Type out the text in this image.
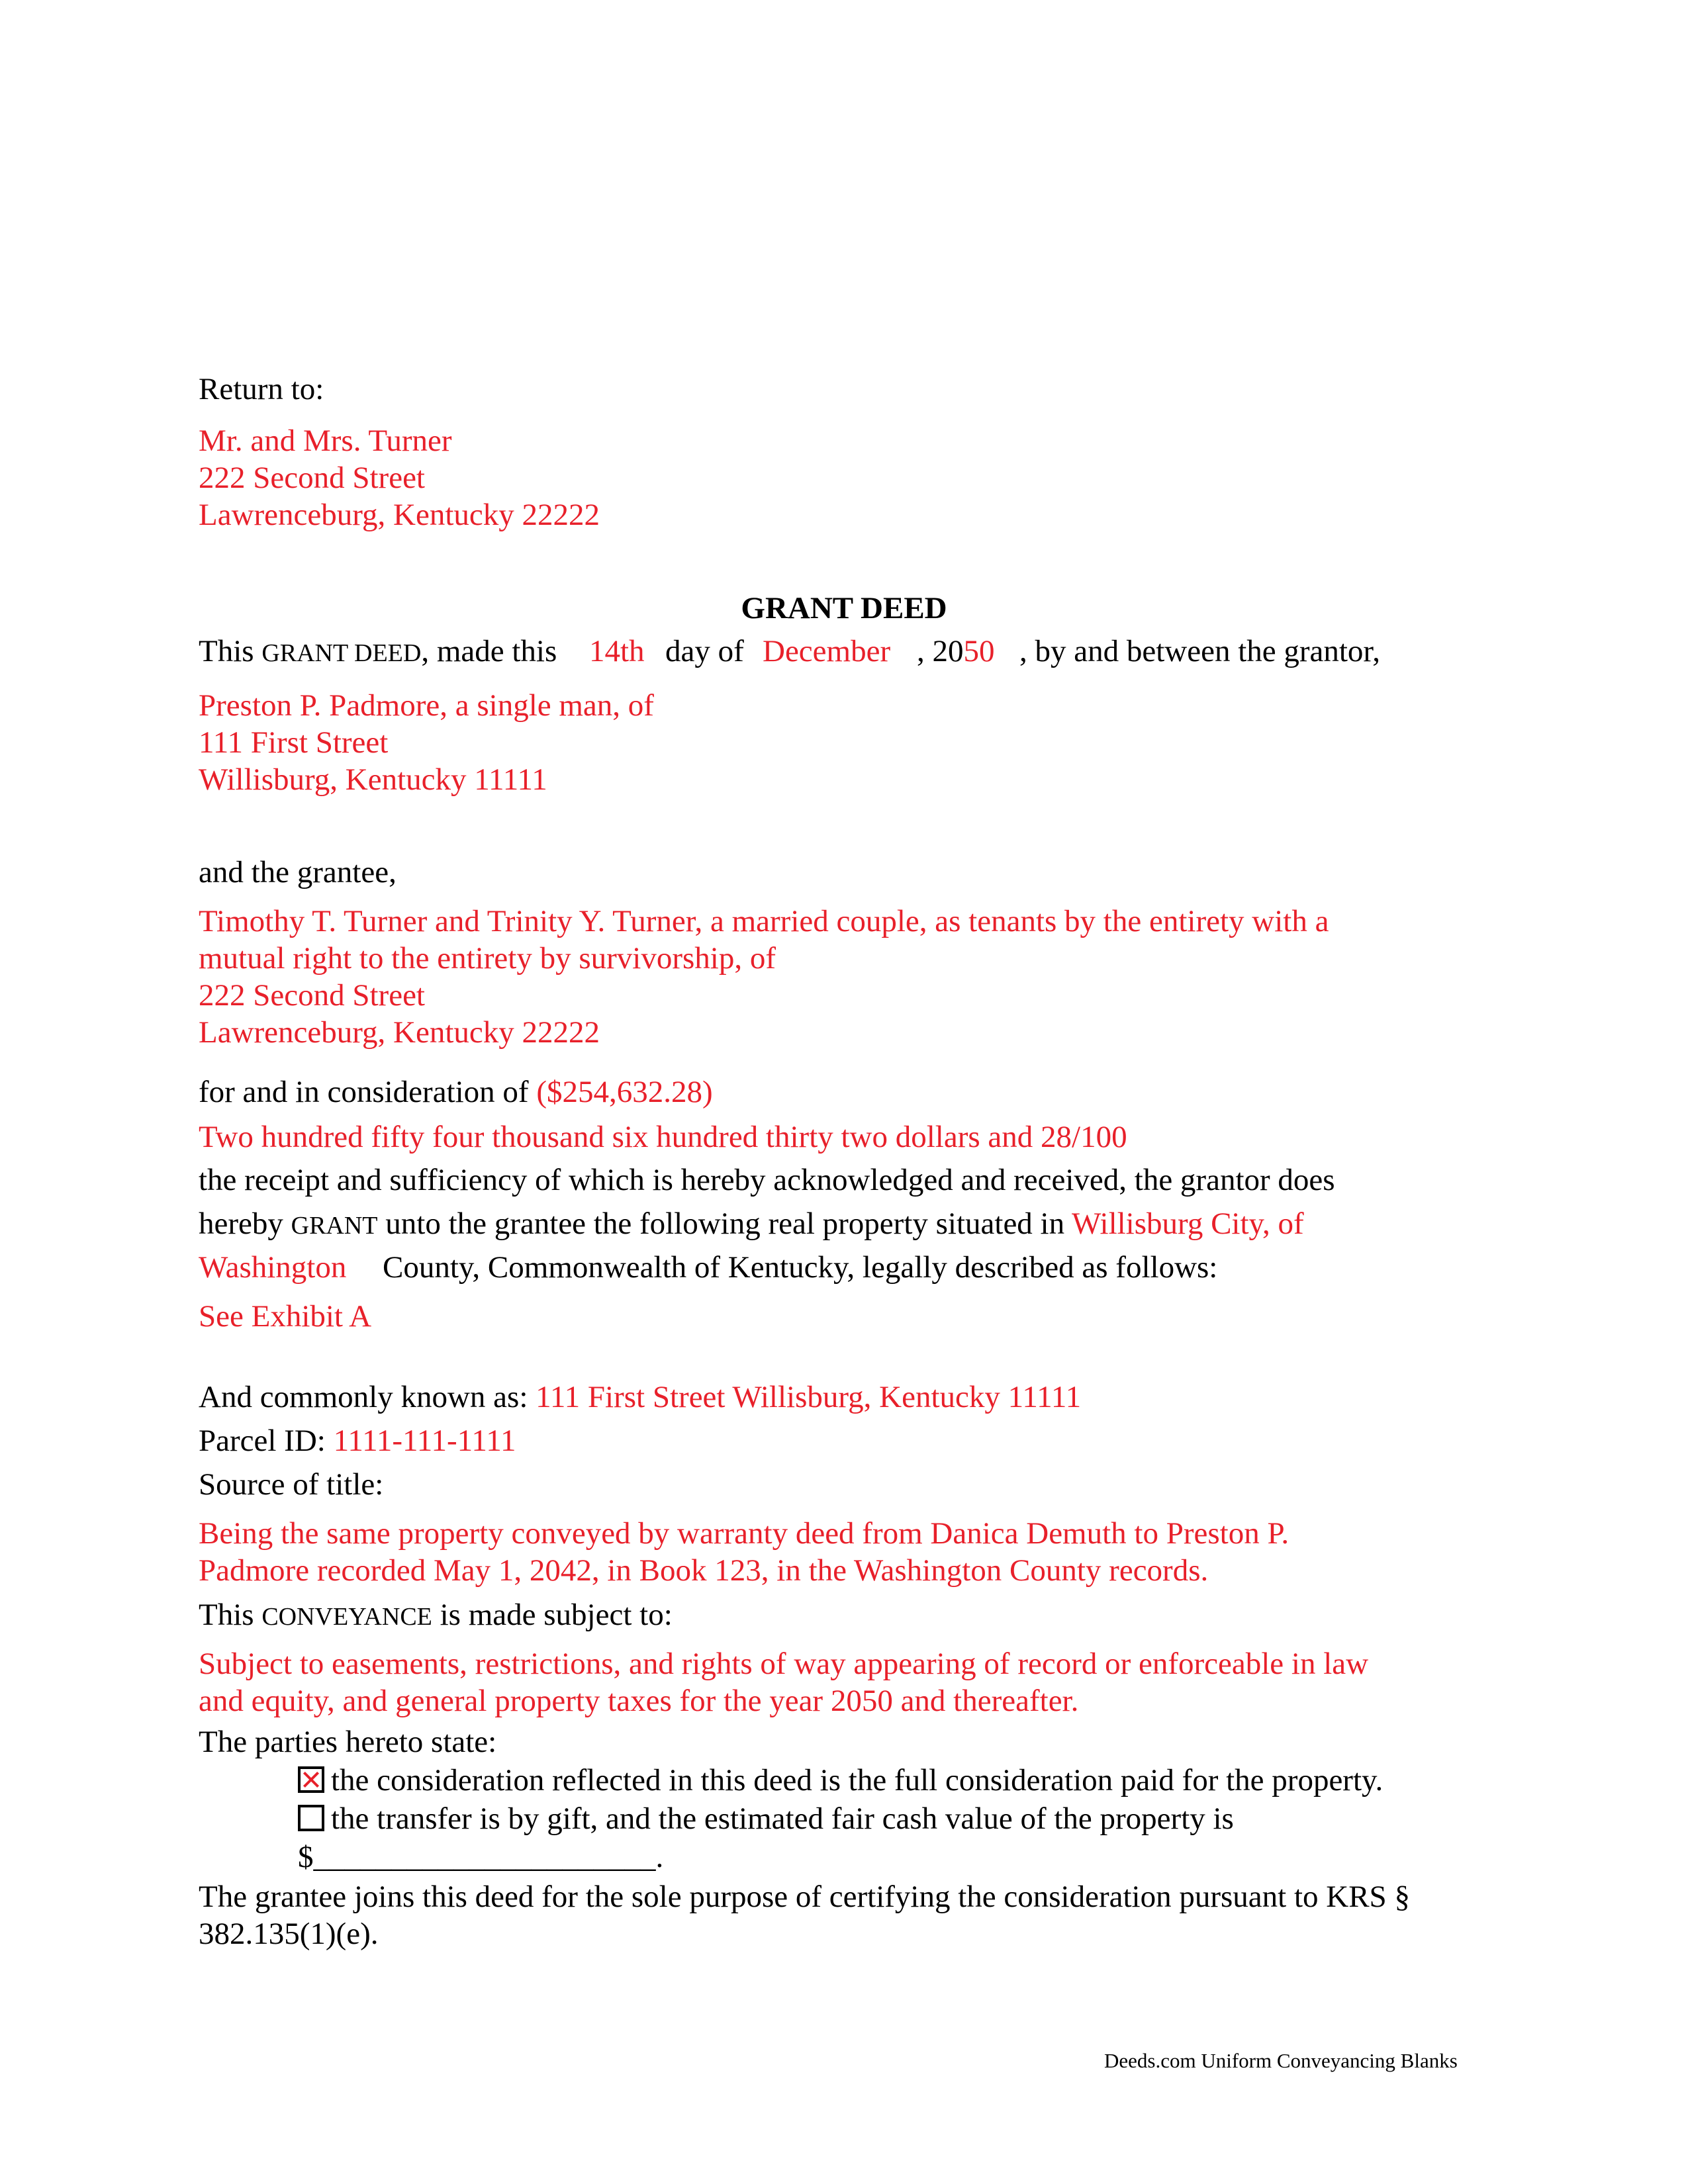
Return to:
Mr. and Mrs. Turner
222 Second Street
Lawrenceburg, Kentucky 22222
GRANT DEED
This GRANT DEED, made this 14th day of December , 2050 , by and between the grantor,
Preston P. Padmore, a single man, of
111 First Street
Willisburg, Kentucky 11111
and the grantee,
Timothy T. Turner and Trinity Y. Turner, a married couple, as tenants by the entirety with a
mutual right to the entirety by survivorship, of
222 Second Street
Lawrenceburg, Kentucky 22222
for and in consideration of ($254,632.28)
Two hundred fifty four thousand six hundred thirty two dollars and 28/100
the receipt and sufficiency of which is hereby acknowledged and received, the grantor does
hereby GRANT unto the grantee the following real property situated in Willisburg City, of
Washington County, Commonwealth of Kentucky, legally described as follows:
See Exhibit A
And commonly known as: 111 First Street Willisburg, Kentucky 11111
Parcel ID: 1111-111-1111
Source of title:
Being the same property conveyed by warranty deed from Danica Demuth to Preston P.
Padmore recorded May 1, 2042, in Book 123, in the Washington County records.
This CONVEYANCE is made subject to:
Subject to easements, restrictions, and rights of way appearing of record or enforceable in law
and equity, and general property taxes for the year 2050 and thereafter.
The parties hereto state:
the consideration reflected in this deed is the full consideration paid for the property.
the transfer is by gift, and the estimated fair cash value of the property is
$______________________.
The grantee joins this deed for the sole purpose of certifying the consideration pursuant to KRS §
382.135(1)(e).
Deeds.com Uniform Conveyancing Blanks
